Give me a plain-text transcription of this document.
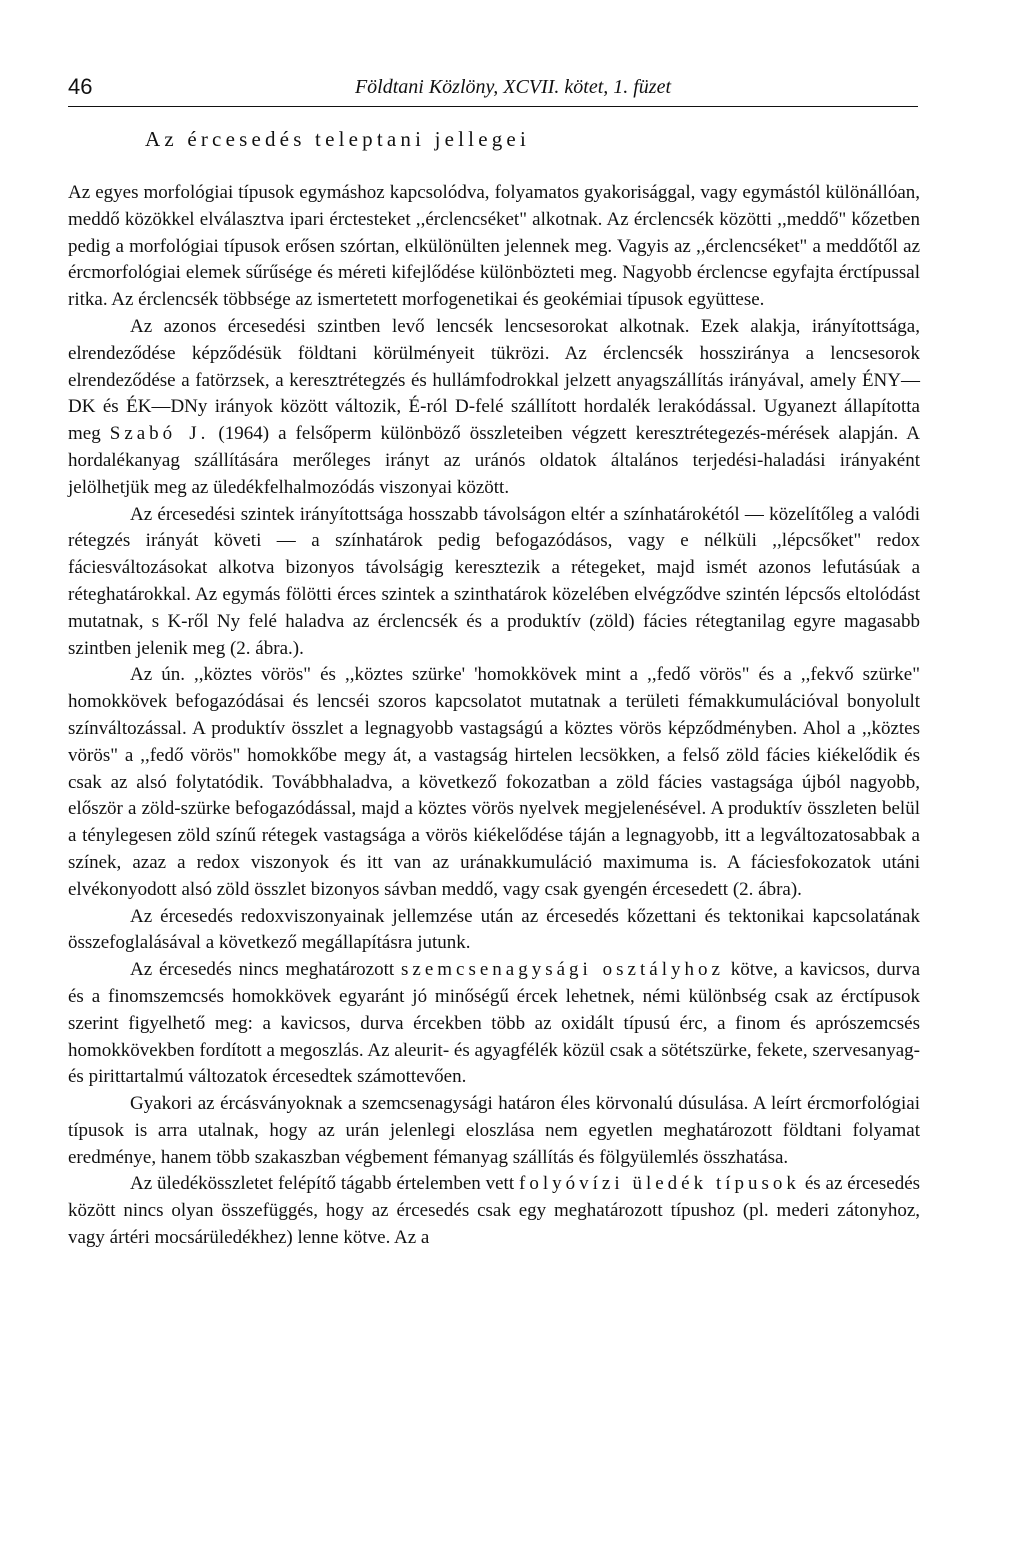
46	Földtani Közlöny, XCVII. kötet, 1. füzet
Az ércesedés teleptani jellegei

Az egyes morfológiai típusok egymáshoz kapcsolódva, folyamatos gyakorisággal, vagy egymástól különállóan, meddő közökkel elválasztva ipari érctesteket ,,érclencséket" alkotnak. Az érclencsék közötti ,,meddő" kőzetben pedig a morfológiai típusok erősen szórtan, elkülönülten jelennek meg. Vagyis az ,,érclencséket" a meddőtől az ércmorfológiai elemek sűrűsége és méreti kifejlődése különbözteti meg. Nagyobb érclencse egyfajta érctípussal ritka. Az érclencsék többsége az ismertetett morfogenetikai és geokémiai típusok együttese.

Az azonos ércesedési szintben levő lencsék lencsesorokat alkotnak. Ezek alakja, irányítottsága, elrendeződése képződésük földtani körülményeit tükrözi. Az érclencsék hossziránya a lencsesorok elrendeződése a fatörzsek, a keresztrétegzés és hullámfodrokkal jelzett anyagszállítás irányával, amely ÉNY—DK és ÉK—DNy irányok között változik, É-ról D-felé szállított hordalék lerakódással. Ugyanezt állapította meg Szabó J. (1964) a felsőperm különböző összleteiben végzett keresztrétegezés-mérések alapján. A hordalékanyag szállítására merőleges irányt az uránós oldatok általános terjedési-haladási irányaként jelölhetjük meg az üledékfelhalmozódás viszonyai között.

Az ércesedési szintek irányítottsága hosszabb távolságon eltér a színhatárokétól — közelítőleg a valódi rétegzés irányát követi — a színhatárok pedig befogazódásos, vagy e nélküli ,,lépcsőket" redox fáciesváltozásokat alkotva bizonyos távolságig keresztezik a rétegeket, majd ismét azonos lefutásúak a réteghatárokkal. Az egymás fölötti érces szintek a szinthatárok közelében elvégződve szintén lépcsős eltolódást mutatnak, s K-ről Ny felé haladva az érclencsék és a produktív (zöld) fácies rétegtanilag egyre magasabb szintben jelenik meg (2. ábra.).

Az ún. ,,köztes vörös" és ,,köztes szürke' 'homokkövek mint a ,,fedő vörös" és a ,,fekvő szürke" homokkövek befogazódásai és lencséi szoros kapcsolatot mutatnak a területi fémakkumulációval bonyolult színváltozással. A produktív összlet a legnagyobb vastagságú a köztes vörös képződményben. Ahol a ,,köztes vörös" a ,,fedő vörös" homokkőbe megy át, a vastagság hirtelen lecsökken, a felső zöld fácies kiékelődik és csak az alsó folytatódik. Továbbhaladva, a következő fokozatban a zöld fácies vastagsága újból nagyobb, először a zöld-szürke befogazódással, majd a köztes vörös nyelvek megjelenésével. A produktív összleten belül a ténylegesen zöld színű rétegek vastagsága a vörös kiékelődése táján a legnagyobb, itt a legváltozatosabbak a színek, azaz a redox viszonyok és itt van az uránakkumuláció maximuma is. A fáciesfokozatok utáni elvékonyodott alsó zöld összlet bizonyos sávban meddő, vagy csak gyengén ércesedett (2. ábra).

Az ércesedés redoxviszonyainak jellemzése után az ércesedés kőzettani és tektonikai kapcsolatának összefoglalásával a következő megállapításra jutunk.

Az ércesedés nincs meghatározott szemcsenagysági osztályhoz kötve, a kavicsos, durva és a finomszemcsés homokkövek egyaránt jó minőségű ércek lehetnek, némi különbség csak az érctípusok szerint figyelhető meg: a kavicsos, durva ércekben több az oxidált típusú érc, a finom és aprószemcsés homokkövekben fordított a megoszlás. Az aleurit- és agyagfélék közül csak a sötétszürke, fekete, szervesanyag- és pirittartalmú változatok ércesedtek számottevően.

Gyakori az ércásványoknak a szemcsenagysági határon éles körvonalú dúsulása. A leírt ércmorfológiai típusok is arra utalnak, hogy az urán jelenlegi eloszlása nem egyetlen meghatározott földtani folyamat eredménye, hanem több szakaszban végbement fémanyag szállítás és fölgyülemlés összhatása.

Az üledékösszletet felépítő tágabb értelemben vett folyóvízi üledék típusok és az ércesedés között nincs olyan összefüggés, hogy az ércesedés csak egy meghatározott típushoz (pl. mederi zátonyhoz, vagy ártéri mocsárüledékhez) lenne kötve. Az a
